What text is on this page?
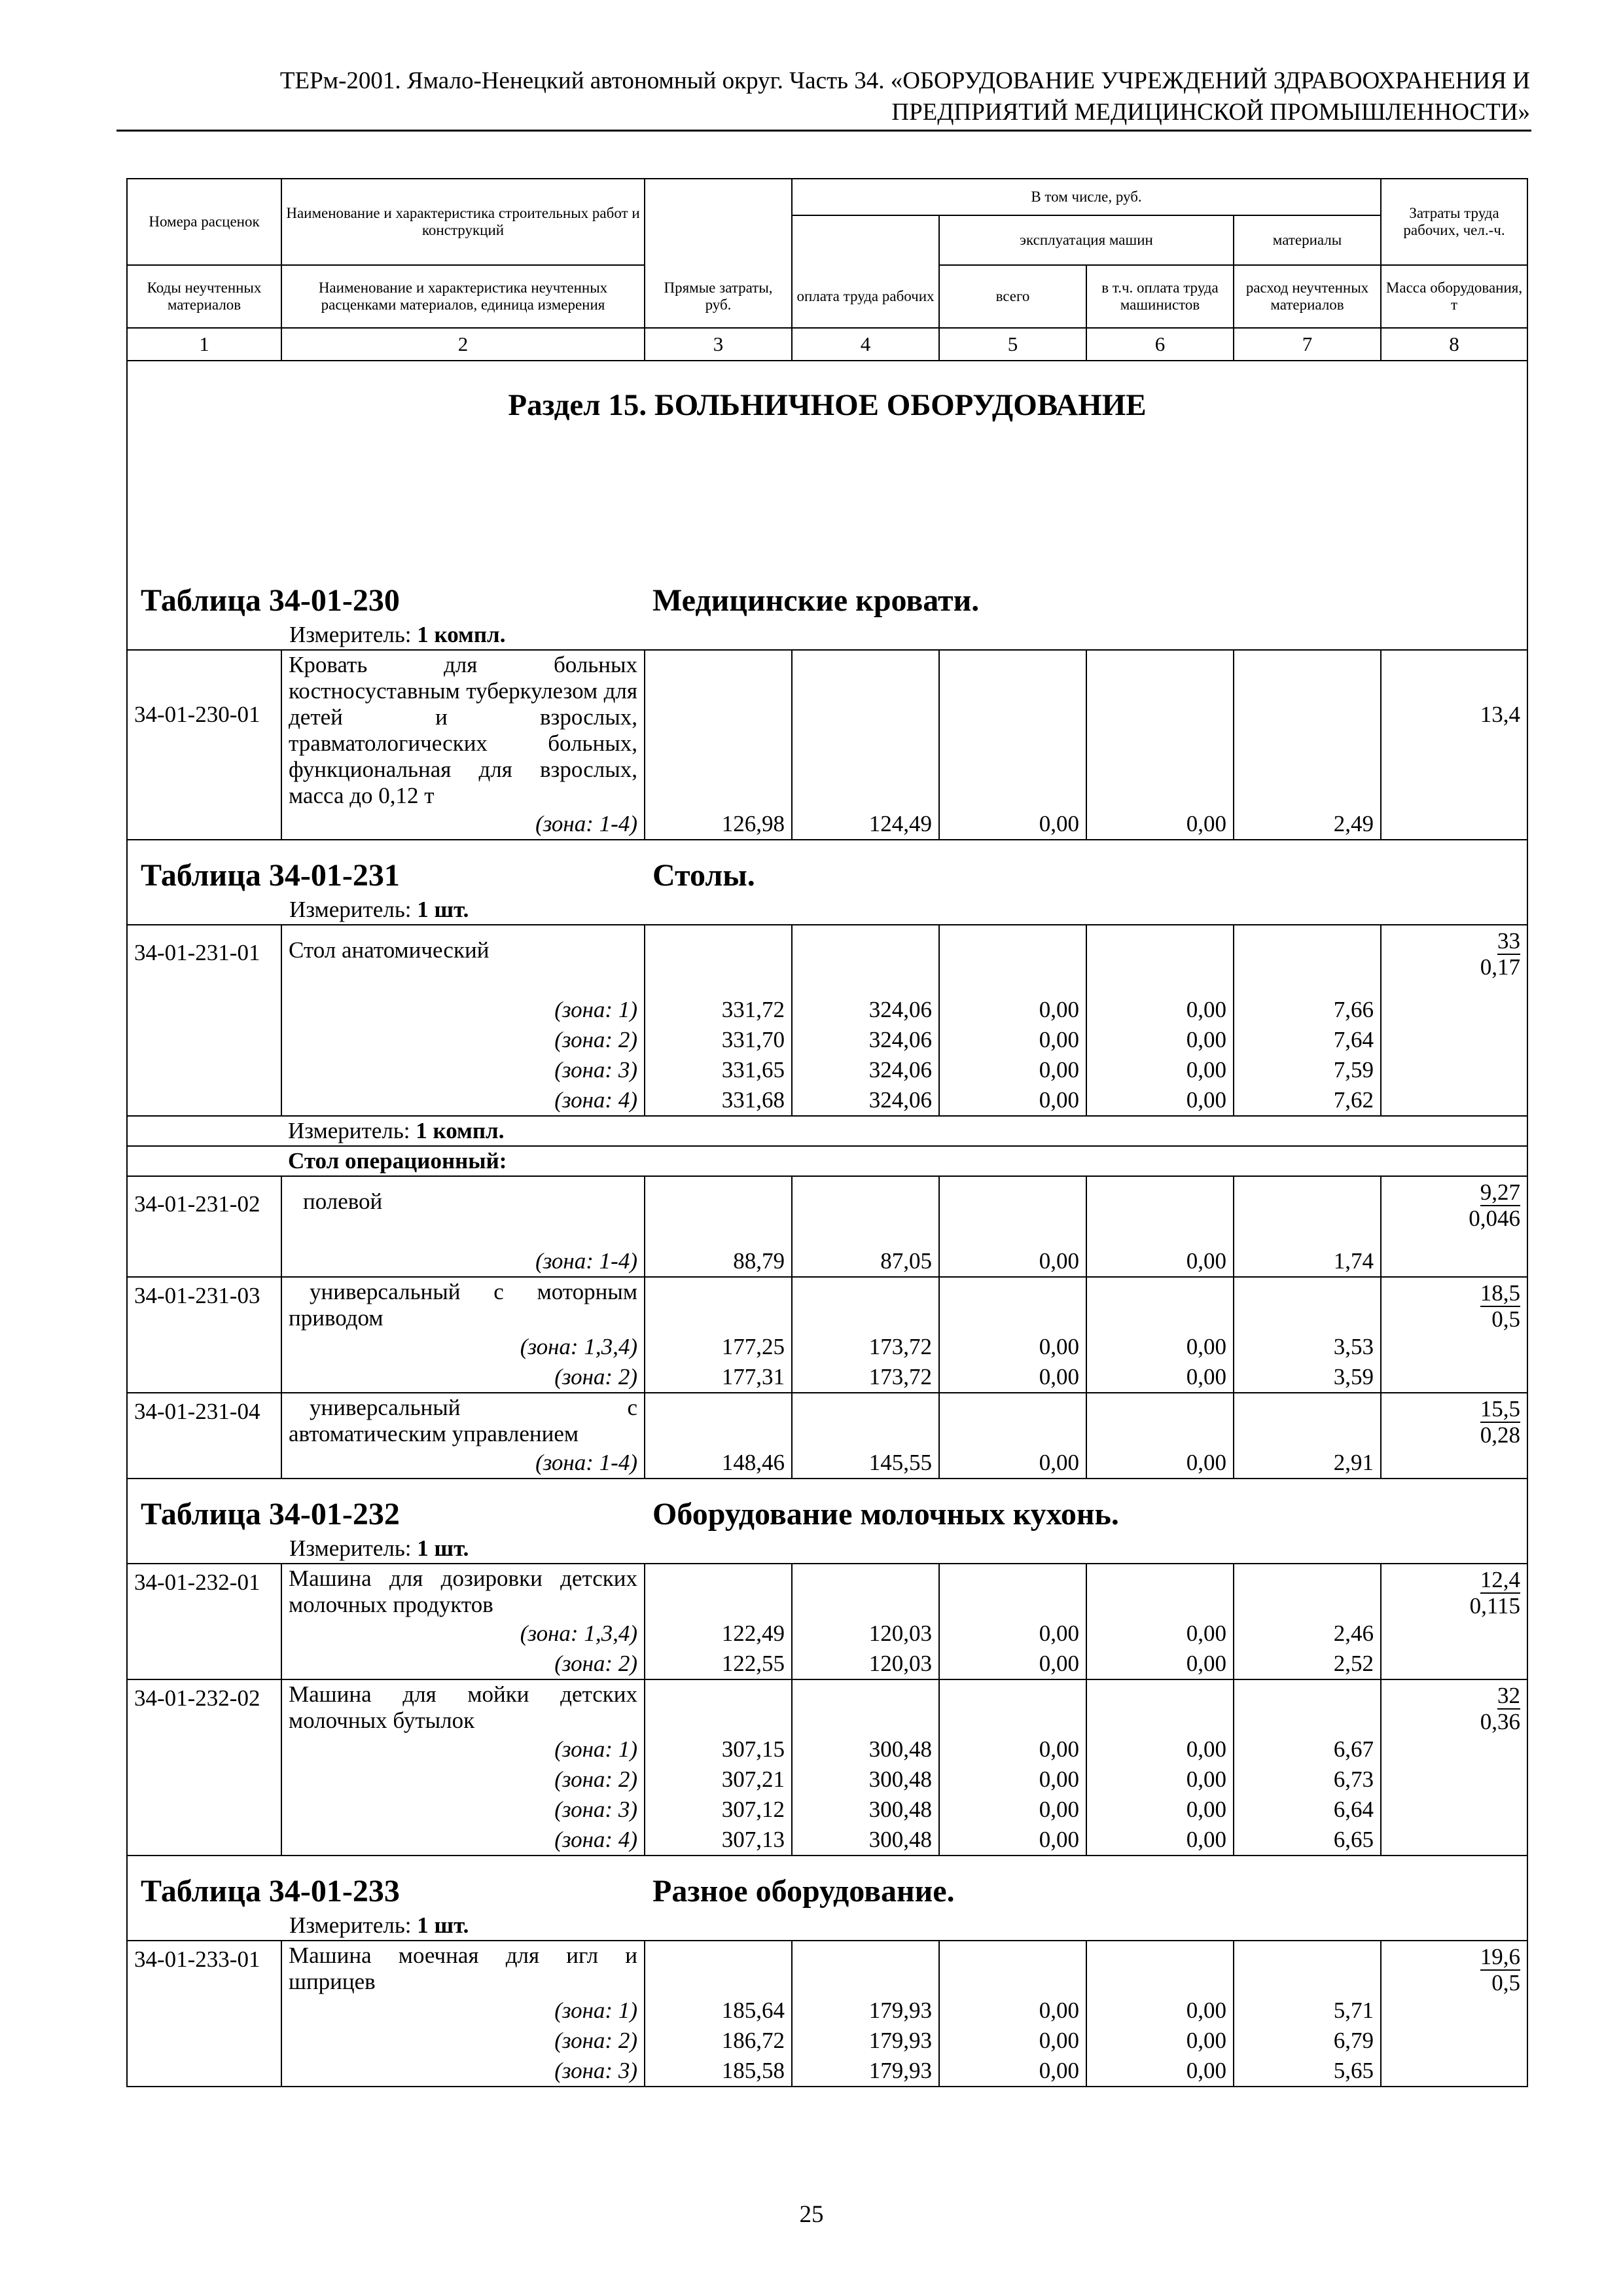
ТЕРм-2001. Ямало-Ненецкий автономный округ. Часть 34. «ОБОРУДОВАНИЕ УЧРЕЖДЕНИЙ ЗДРАВООХРАНЕНИЯ И
ПРЕДПРИЯТИЙ МЕДИЦИНСКОЙ ПРОМЫШЛЕННОСТИ»
Номера расценок	Наименование и характеристика строительных работ и конструкций		В том числе, руб.				Затраты труда рабочих, чел.-ч.
				эксплуатация машин		материалы	
Коды неучтенных материалов	Наименование и характеристика неучтенных расценками материалов, единица измерения	Прямые затраты, руб.	оплата труда рабочих	всего	в т.ч. оплата труда машинистов	расход неучтенных материалов	Масса оборудования, т
1	2	3	4	5	6	7	8
Раздел 15. БОЛЬНИЧНОЕ ОБОРУДОВАНИЕ							

Таблица 34-01-230 Медицинские кровати.
Измеритель: 1 компл.							

34-01-230-01	Кровать для больных костносуставным туберкулезом для детей и взрослых, травматологических больных, функциональная для взрослых, масса до 0,12 т						13,4
	(зона: 1-4)	126,98	124,49	0,00	0,00	2,49	

Таблица 34-01-231 Столы.
Измеритель: 1 шт.							

34-01-231-01	Стол анатомический						33
0,17

	(зона: 1)	331,72	324,06	0,00	0,00	7,66	
	(зона: 2)	331,70	324,06	0,00	0,00	7,64	
	(зона: 3)	331,65	324,06	0,00	0,00	7,59	
	(зона: 4)	331,68	324,06	0,00	0,00	7,62	
	Измеритель: 1 компл.						
	Стол операционный:						
34-01-231-02	полевой						9,27
0,046

	(зона: 1-4)	88,79	87,05	0,00	0,00	1,74	
34-01-231-03	универсальный с моторным приводом						18,5
0,5

	(зона: 1,3,4)	177,25	173,72	0,00	0,00	3,53	
	(зона: 2)	177,31	173,72	0,00	0,00	3,59	
34-01-231-04	универсальный с автоматическим управлением						15,5
0,28

	(зона: 1-4)	148,46	145,55	0,00	0,00	2,91	

Таблица 34-01-232 Оборудование молочных кухонь.
Измеритель: 1 шт.							

34-01-232-01	Машина для дозировки детских молочных продуктов						12,4
0,115

	(зона: 1,3,4)	122,49	120,03	0,00	0,00	2,46	
	(зона: 2)	122,55	120,03	0,00	0,00	2,52	
34-01-232-02	Машина для мойки детских молочных бутылок						32
0,36

	(зона: 1)	307,15	300,48	0,00	0,00	6,67	
	(зона: 2)	307,21	300,48	0,00	0,00	6,73	
	(зона: 3)	307,12	300,48	0,00	0,00	6,64	
	(зона: 4)	307,13	300,48	0,00	0,00	6,65	

Таблица 34-01-233 Разное оборудование.
Измеритель: 1 шт.							

34-01-233-01	Машина моечная для игл и шприцев						19,6
0,5

	(зона: 1)	185,64	179,93	0,00	0,00	5,71	
	(зона: 2)	186,72	179,93	0,00	0,00	6,79	
	(зона: 3)	185,58	179,93	0,00	0,00	5,65	
25
